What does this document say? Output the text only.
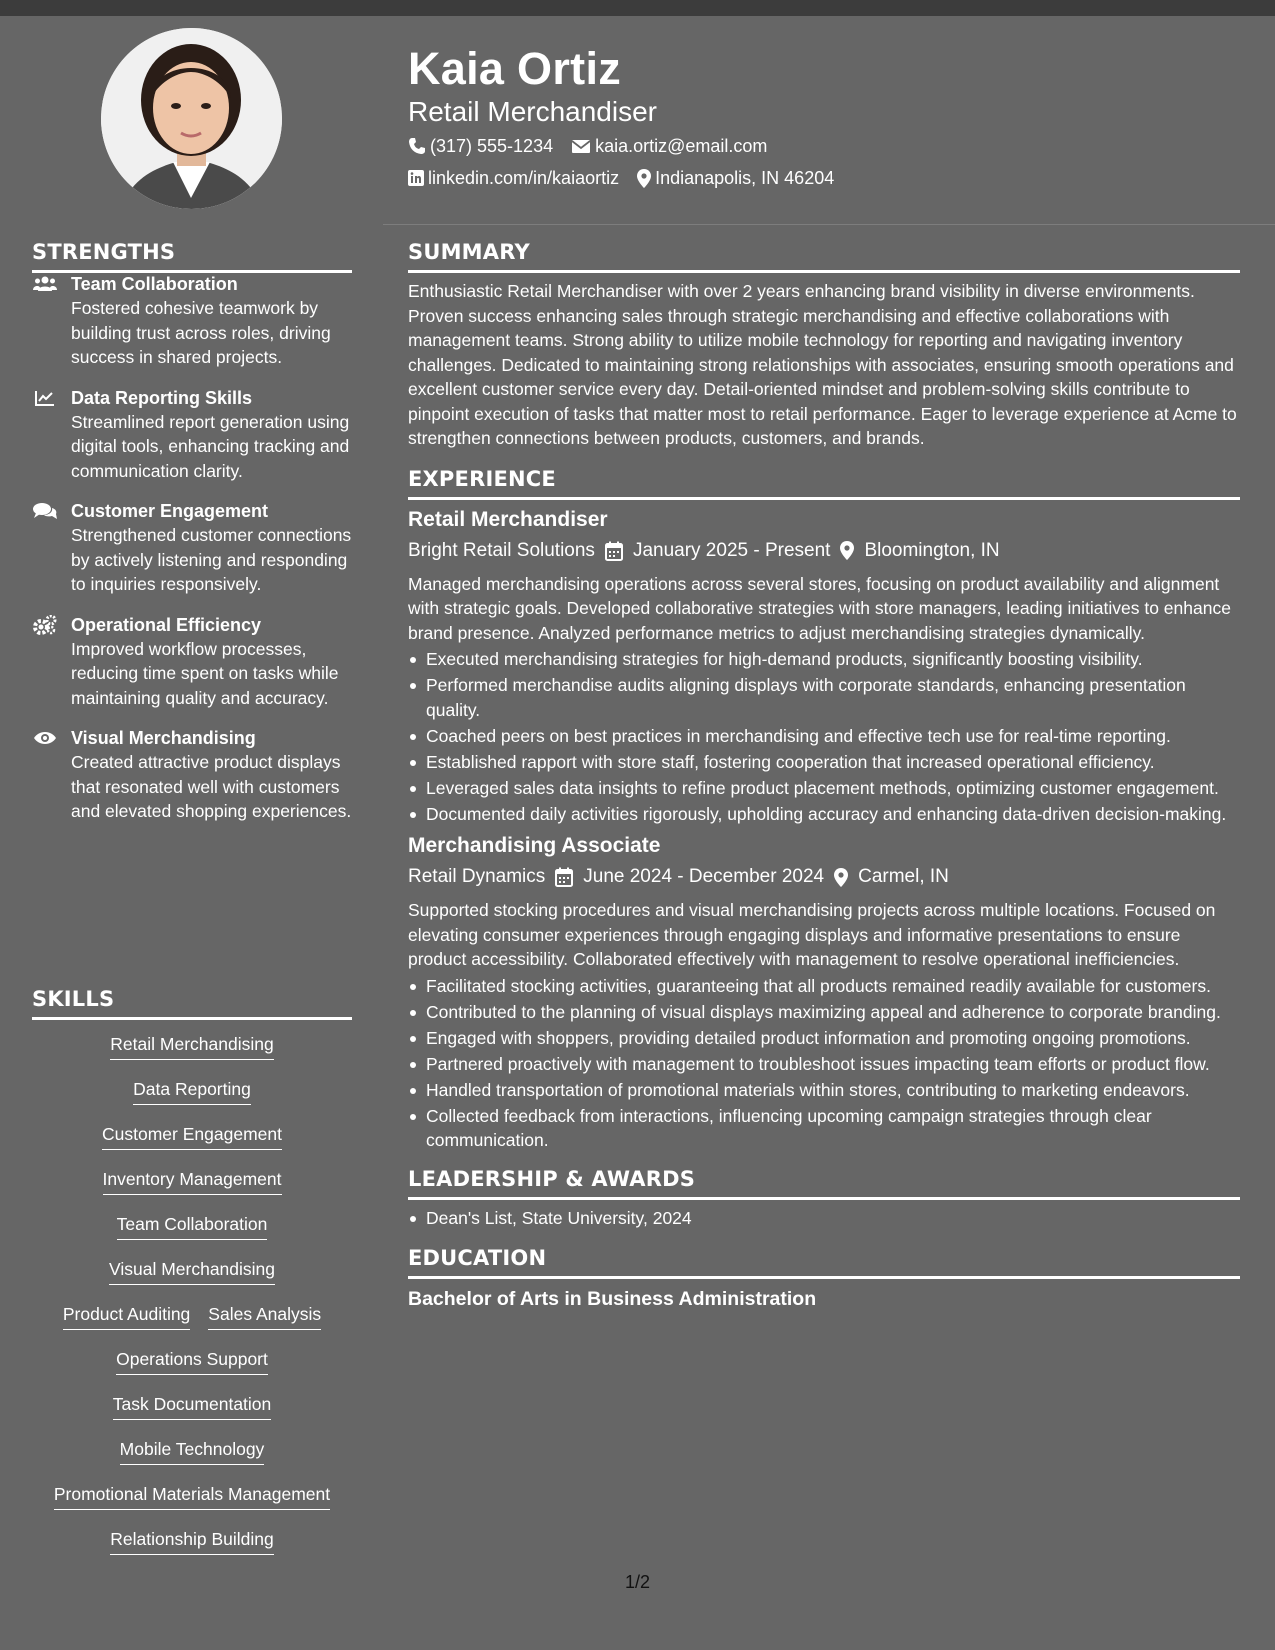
STRENGTHS
Team Collaboration
Fostered cohesive teamwork by building trust across roles, driving success in shared projects.
Data Reporting Skills
Streamlined report generation using digital tools, enhancing tracking and communication clarity.
Customer Engagement
Strengthened customer connections by actively listening and responding to inquiries responsively.
Operational Efficiency
Improved workflow processes, reducing time spent on tasks while maintaining quality and accuracy.
Visual Merchandising
Created attractive product displays that resonated well with customers and elevated shopping experiences.
SKILLS
Retail Merchandising
Data Reporting
Customer Engagement
Inventory Management
Team Collaboration
Visual Merchandising
Product Auditing Sales Analysis
Operations Support
Task Documentation
Mobile Technology
Promotional Materials Management
Relationship Building
Kaia Ortiz
Retail Merchandiser
(317) 555-1234 kaia.ortiz@email.com
linkedin.com/in/kaiaortiz Indianapolis, IN 46204
SUMMARY
Enthusiastic Retail Merchandiser with over 2 years enhancing brand visibility in diverse environments. Proven success enhancing sales through strategic merchandising and effective collaborations with management teams. Strong ability to utilize mobile technology for reporting and navigating inventory challenges. Dedicated to maintaining strong relationships with associates, ensuring smooth operations and excellent customer service every day. Detail-oriented mindset and problem-solving skills contribute to pinpoint execution of tasks that matter most to retail performance. Eager to leverage experience at Acme to strengthen connections between products, customers, and brands.
EXPERIENCE
Retail Merchandiser
Bright Retail Solutions January 2025 - Present Bloomington, IN
Managed merchandising operations across several stores, focusing on product availability and alignment with strategic goals. Developed collaborative strategies with store managers, leading initiatives to enhance brand presence. Analyzed performance metrics to adjust merchandising strategies dynamically.
Executed merchandising strategies for high-demand products, significantly boosting visibility.
Performed merchandise audits aligning displays with corporate standards, enhancing presentation quality.
Coached peers on best practices in merchandising and effective tech use for real-time reporting.
Established rapport with store staff, fostering cooperation that increased operational efficiency.
Leveraged sales data insights to refine product placement methods, optimizing customer engagement.
Documented daily activities rigorously, upholding accuracy and enhancing data-driven decision-making.
Merchandising Associate
Retail Dynamics June 2024 - December 2024 Carmel, IN
Supported stocking procedures and visual merchandising projects across multiple locations. Focused on elevating consumer experiences through engaging displays and informative presentations to ensure product accessibility. Collaborated effectively with management to resolve operational inefficiencies.
Facilitated stocking activities, guaranteeing that all products remained readily available for customers.
Contributed to the planning of visual displays maximizing appeal and adherence to corporate branding.
Engaged with shoppers, providing detailed product information and promoting ongoing promotions.
Partnered proactively with management to troubleshoot issues impacting team efforts or product flow.
Handled transportation of promotional materials within stores, contributing to marketing endeavors.
Collected feedback from interactions, influencing upcoming campaign strategies through clear communication.
LEADERSHIP & AWARDS
Dean's List, State University, 2024
EDUCATION
Bachelor of Arts in Business Administration
1/2
